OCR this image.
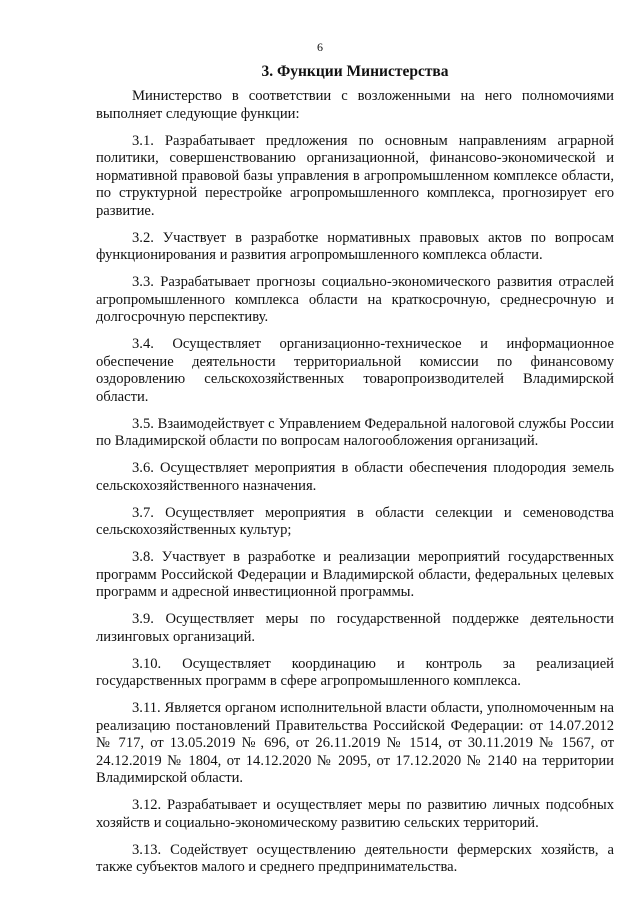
6
3. Функции Министерства

Министерство в соответствии с возложенными на него полномочиями выполняет следующие функции:

3.1. Разрабатывает предложения по основным направлениям аграрной политики, совершенствованию организационной, финансово-экономической и нормативной правовой базы управления в агропромышленном комплексе области, по структурной перестройке агропромышленного комплекса, прогнозирует его развитие.

3.2. Участвует в разработке нормативных правовых актов по вопросам функционирования и развития агропромышленного комплекса области.

3.3. Разрабатывает прогнозы социально-экономического развития отраслей агропромышленного комплекса области на краткосрочную, среднесрочную и долгосрочную перспективу.

3.4. Осуществляет организационно-техническое и информационное обеспечение деятельности территориальной комиссии по финансовому оздоровлению сельскохозяйственных товаропроизводителей Владимирской области.

3.5. Взаимодействует с Управлением Федеральной налоговой службы России по Владимирской области по вопросам налогообложения организаций.

3.6. Осуществляет мероприятия в области обеспечения плодородия земель сельскохозяйственного назначения.

3.7. Осуществляет мероприятия в области селекции и семеноводства сельскохозяйственных культур;

3.8. Участвует в разработке и реализации мероприятий государственных программ Российской Федерации и Владимирской области, федеральных целевых программ и адресной инвестиционной программы.

3.9. Осуществляет меры по государственной поддержке деятельности лизинговых организаций.

3.10. Осуществляет координацию и контроль за реализацией государственных программ в сфере агропромышленного комплекса.

3.11. Является органом исполнительной власти области, уполномоченным на реализацию постановлений Правительства Российской Федерации: от 14.07.2012 № 717, от 13.05.2019 № 696, от 26.11.2019 № 1514, от 30.11.2019 № 1567, от 24.12.2019 № 1804, от 14.12.2020 № 2095, от 17.12.2020 № 2140 на территории Владимирской области.

3.12. Разрабатывает и осуществляет меры по развитию личных подсобных хозяйств и социально-экономическому развитию сельских территорий.

3.13. Содействует осуществлению деятельности фермерских хозяйств, а также субъектов малого и среднего предпринимательства.
